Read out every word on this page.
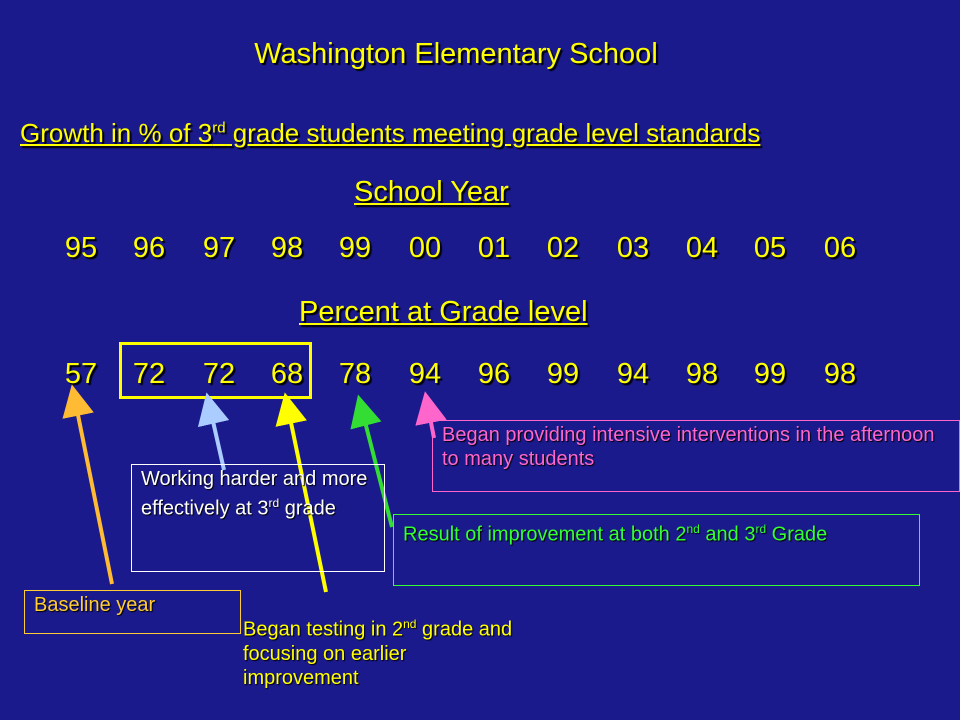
Washington Elementary School
Growth in % of 3rd grade students meeting grade level standards
School Year
95	96	97	98	99	00	01	02	03	04	05	06
Percent at Grade level
57	72	72	68	78	94	96	99	94	98	99	98
Baseline year
Working harder and more effectively at 3rd grade
Began testing in 2nd grade and focusing on earlier improvement
Result of improvement at both 2nd and 3rd Grade
Began providing intensive interventions in the afternoon to many students
